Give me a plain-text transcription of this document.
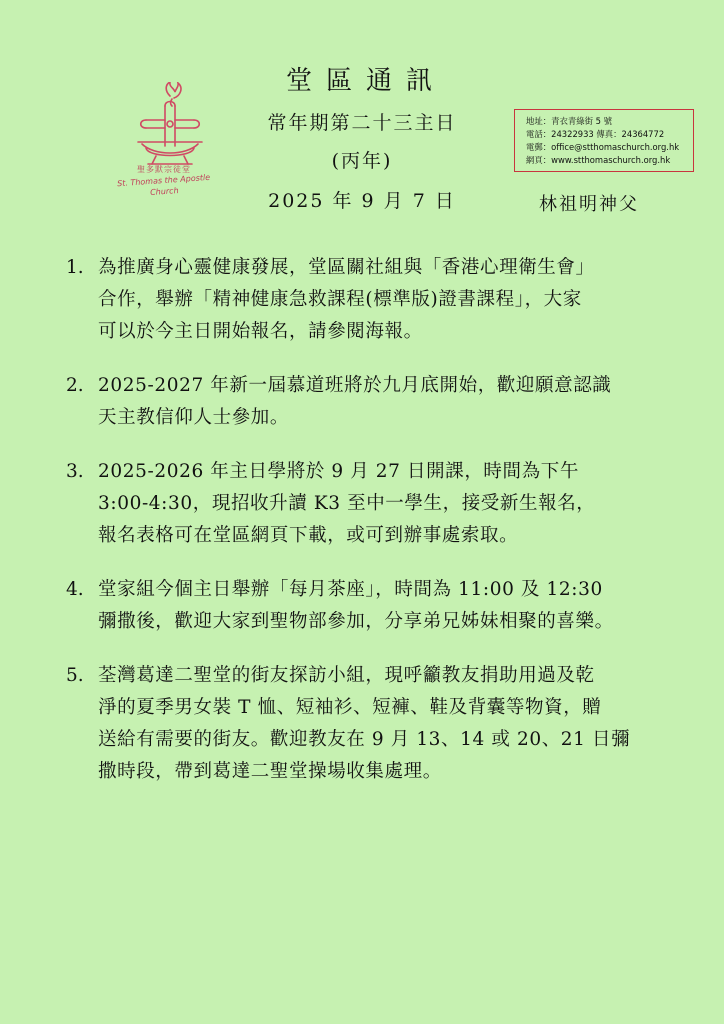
聖多默宗徒堂
St. Thomas the Apostle Church
堂區通訊
常年期第二十三主日
(丙年)
2025 年 9 月 7 日
地址：青衣青綠街 5 號
電話：24322933 傳真：24364772
電郵：office@stthomaschurch.org.hk
網頁：www.stthomaschurch.org.hk
林祖明神父
1. 為推廣身心靈健康發展，堂區關社組與「香港心理衛生會」
合作，舉辦「精神健康急救課程(標準版)證書課程」，大家
可以於今主日開始報名，請參閱海報。
2. 2025-2027 年新一屆慕道班將於九月底開始，歡迎願意認識
天主教信仰人士參加。
3. 2025-2026 年主日學將於 9 月 27 日開課，時間為下午
3:00-4:30，現招收升讀 K3 至中一學生，接受新生報名，
報名表格可在堂區網頁下載，或可到辦事處索取。
4. 堂家組今個主日舉辦「每月茶座」，時間為 11:00 及 12:30
彌撒後，歡迎大家到聖物部參加，分享弟兄姊妹相聚的喜樂。
5. 荃灣葛達二聖堂的街友探訪小組，現呼籲教友捐助用過及乾
淨的夏季男女裝 T 恤、短袖衫、短褲、鞋及背囊等物資，贈
送給有需要的街友。歡迎教友在 9 月 13、14 或 20、21 日彌
撒時段，帶到葛達二聖堂操場收集處理。
